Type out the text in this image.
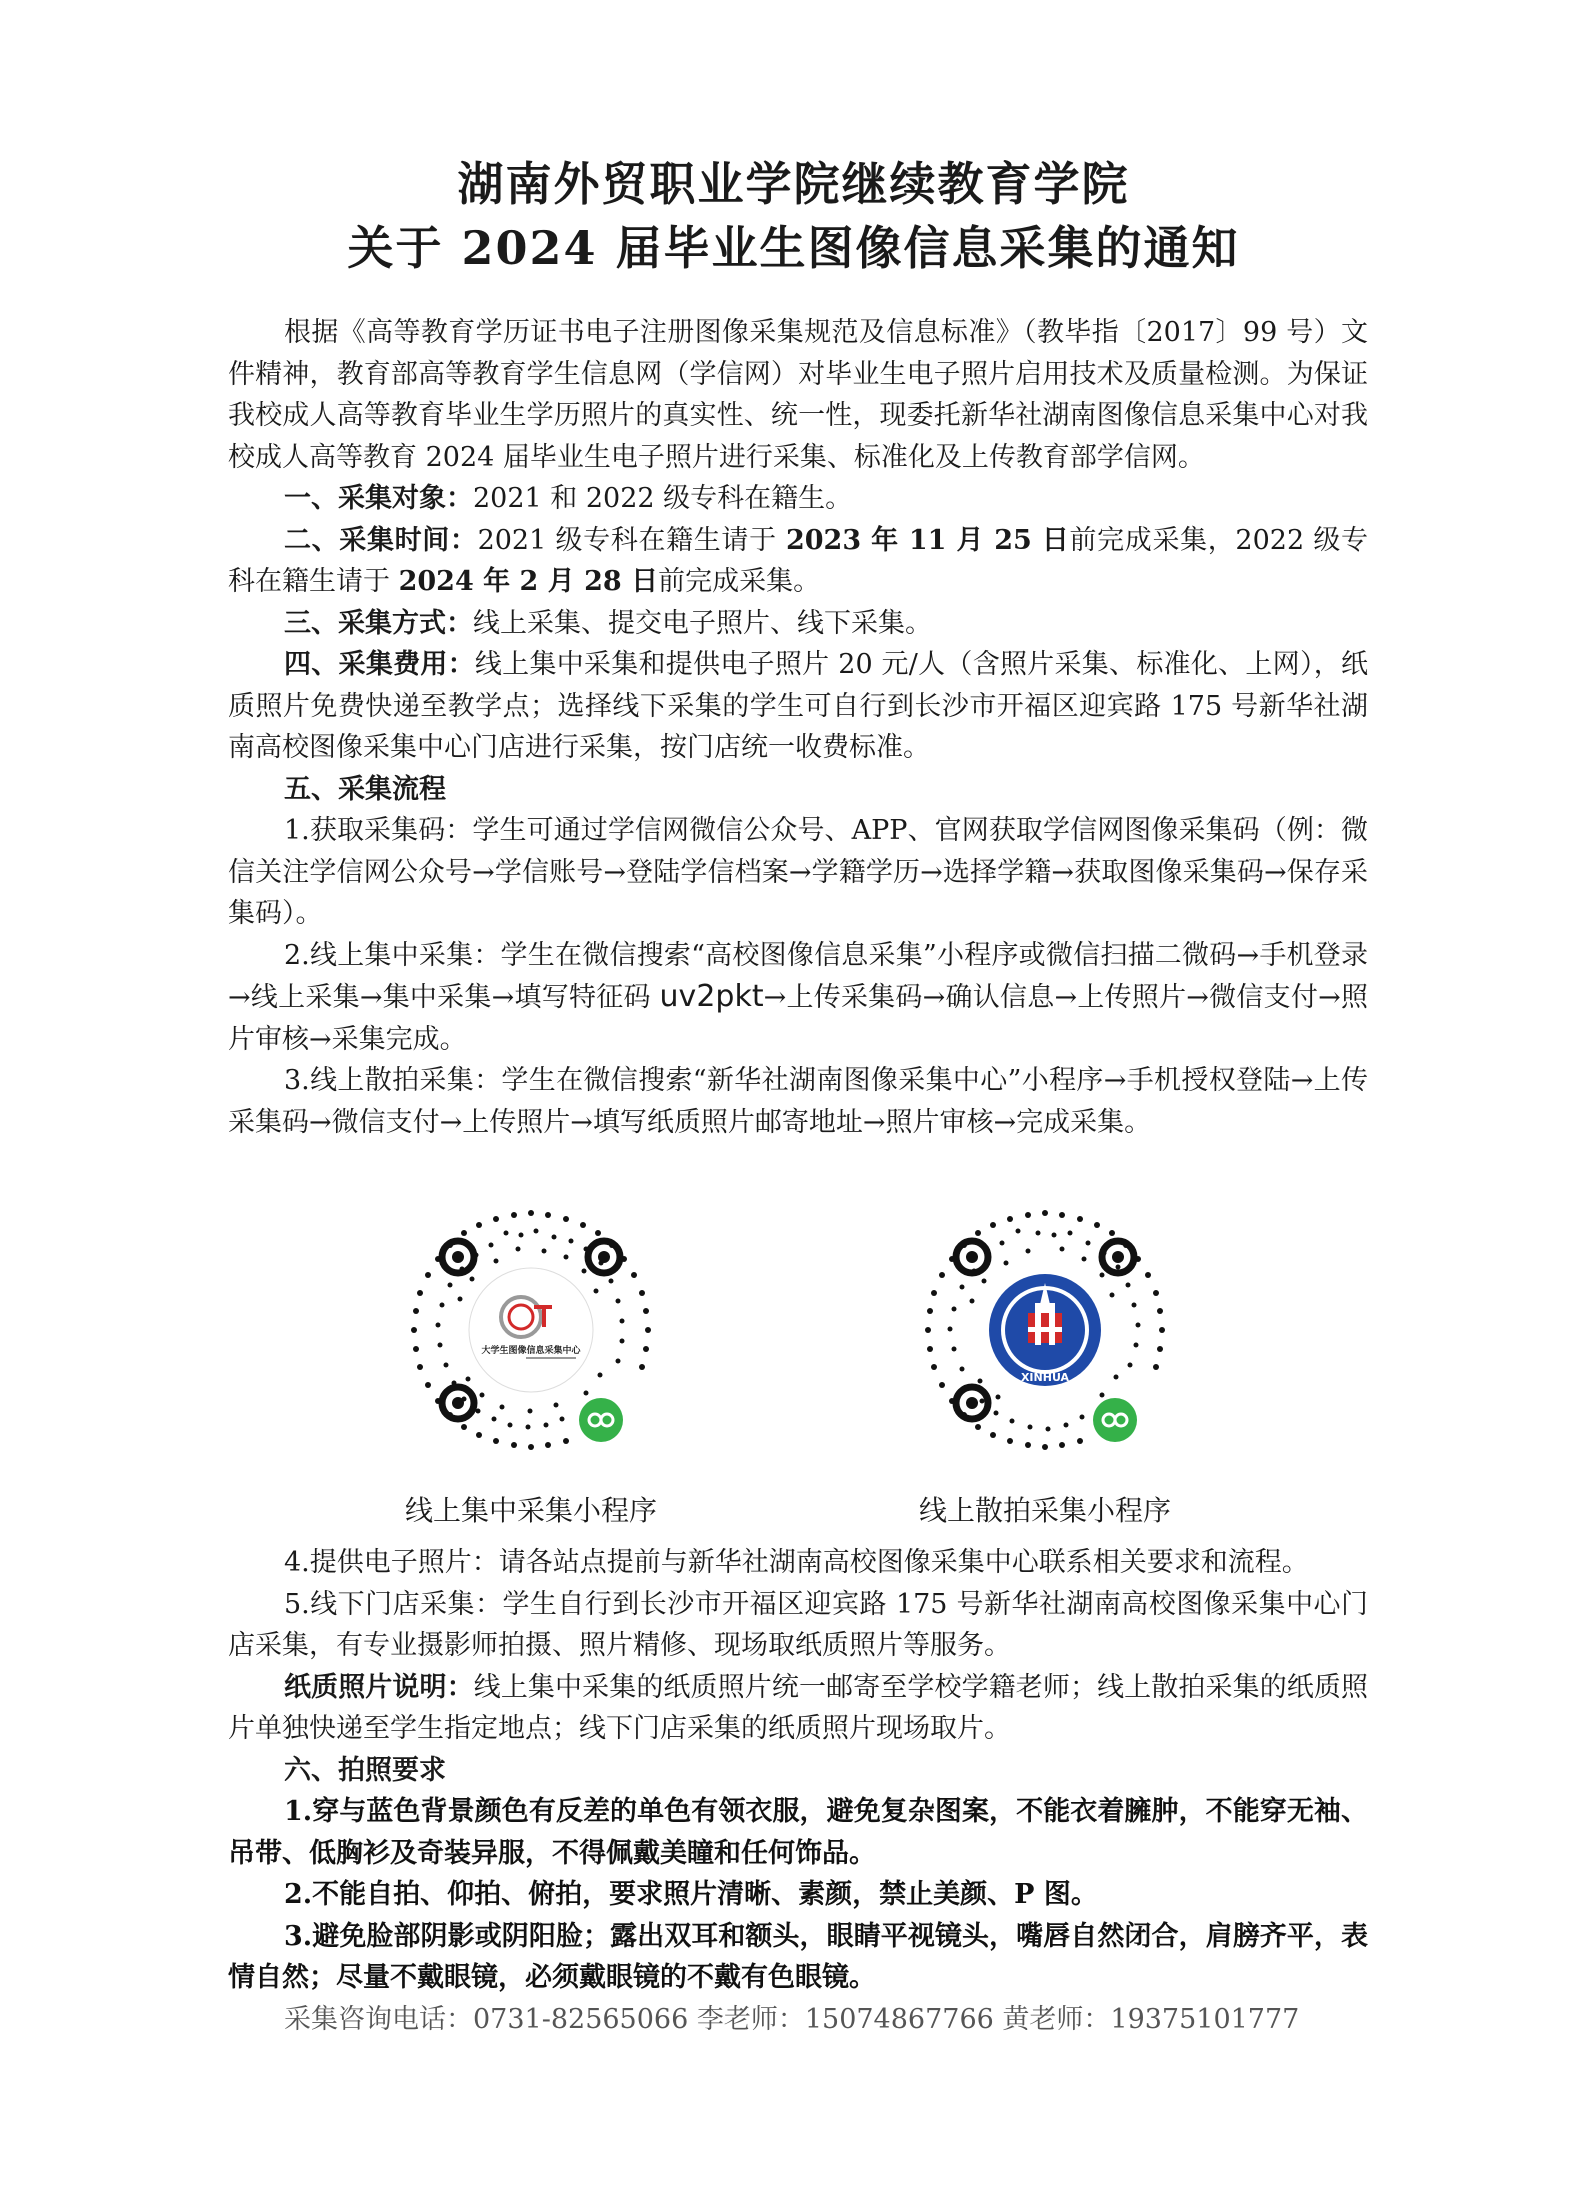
湖南外贸职业学院继续教育学院
关于 2024 届毕业生图像信息采集的通知

根据《高等教育学历证书电子注册图像采集规范及信息标准》（教毕指〔2017〕99 号）文件精神，教育部高等教育学生信息网（学信网）对毕业生电子照片启用技术及质量检测。为保证我校成人高等教育毕业生学历照片的真实性、统一性，现委托新华社湖南图像信息采集中心对我校成人高等教育 2024 届毕业生电子照片进行采集、标准化及上传教育部学信网。

一、采集对象：2021 和 2022 级专科在籍生。

二、采集时间：2021 级专科在籍生请于 2023 年 11 月 25 日前完成采集，2022 级专科在籍生请于 2024 年 2 月 28 日前完成采集。

三、采集方式：线上采集、提交电子照片、线下采集。

四、采集费用：线上集中采集和提供电子照片 20 元/人（含照片采集、标准化、上网），纸质照片免费快递至教学点；选择线下采集的学生可自行到长沙市开福区迎宾路 175 号新华社湖南高校图像采集中心门店进行采集，按门店统一收费标准。

五、采集流程

1.获取采集码：学生可通过学信网微信公众号、APP、官网获取学信网图像采集码（例：微信关注学信网公众号→学信账号→登陆学信档案→学籍学历→选择学籍→获取图像采集码→保存采集码）。

2.线上集中采集：学生在微信搜索“高校图像信息采集”小程序或微信扫描二微码→手机登录→线上采集→集中采集→填写特征码 uv2pkt→上传采集码→确认信息→上传照片→微信支付→照片审核→采集完成。

3.线上散拍采集：学生在微信搜索“新华社湖南图像采集中心”小程序→手机授权登陆→上传采集码→微信支付→上传照片→填写纸质照片邮寄地址→照片审核→完成采集。

大学生图像信息采集中心
线上集中采集小程序
XINHUA
线上散拍采集小程序

4.提供电子照片：请各站点提前与新华社湖南高校图像采集中心联系相关要求和流程。

5.线下门店采集：学生自行到长沙市开福区迎宾路 175 号新华社湖南高校图像采集中心门店采集，有专业摄影师拍摄、照片精修、现场取纸质照片等服务。

纸质照片说明：线上集中采集的纸质照片统一邮寄至学校学籍老师；线上散拍采集的纸质照片单独快递至学生指定地点；线下门店采集的纸质照片现场取片。

六、拍照要求

1.穿与蓝色背景颜色有反差的单色有领衣服，避免复杂图案，不能衣着臃肿，不能穿无袖、吊带、低胸衫及奇装异服，不得佩戴美瞳和任何饰品。

2.不能自拍、仰拍、俯拍，要求照片清晰、素颜，禁止美颜、P 图。

3.避免脸部阴影或阴阳脸；露出双耳和额头，眼睛平视镜头，嘴唇自然闭合，肩膀齐平，表情自然；尽量不戴眼镜，必须戴眼镜的不戴有色眼镜。

采集咨询电话：0731-82565066 李老师：15074867766 黄老师：19375101777
